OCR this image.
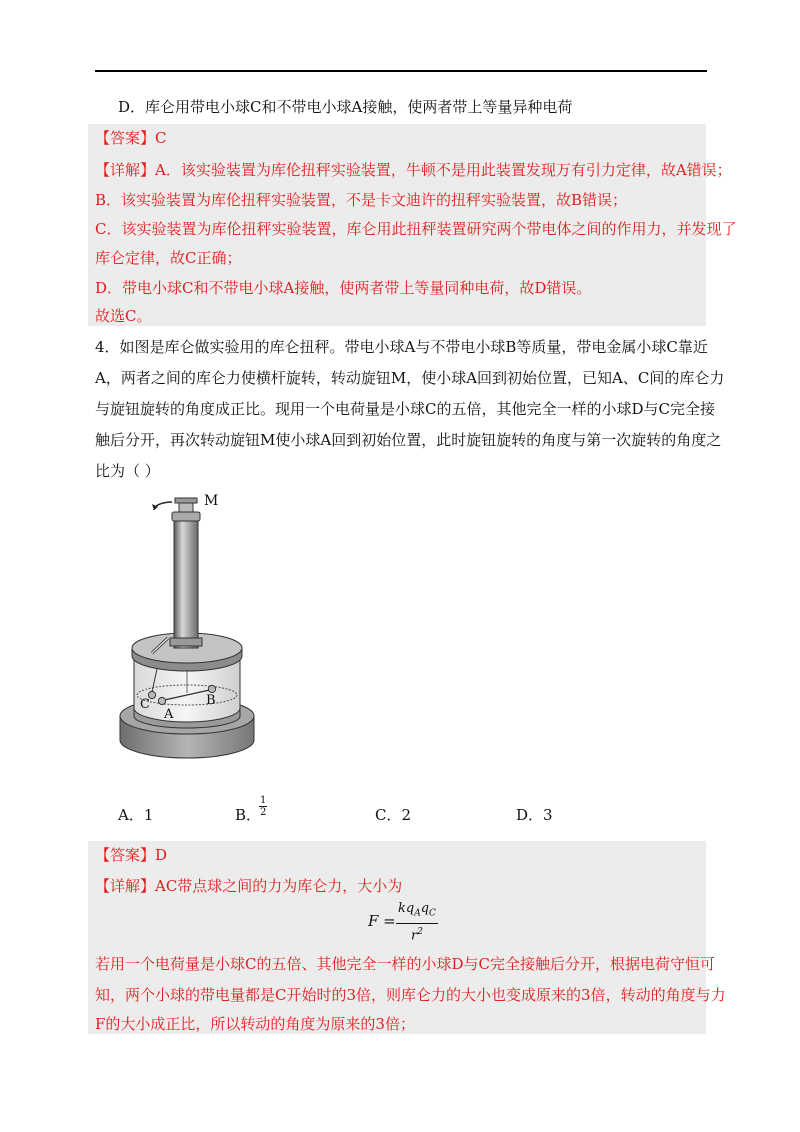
D．库仑用带电小球C和不带电小球A接触，使两者带上等量异种电荷
【答案】C
【详解】A．该实验装置为库伦扭秤实验装置，牛顿不是用此装置发现万有引力定律，故A错误；
B．该实验装置为库伦扭秤实验装置，不是卡文迪许的扭秤实验装置，故B错误；
C．该实验装置为库伦扭秤实验装置，库仑用此扭秤装置研究两个带电体之间的作用力，并发现了
库仑定律，故C正确；
D．带电小球C和不带电小球A接触，使两者带上等量同种电荷，故D错误。
故选C。
4．如图是库仑做实验用的库仑扭秤。带电小球A与不带电小球B等质量，带电金属小球C靠近
A，两者之间的库仑力使横杆旋转，转动旋钮M，使小球A回到初始位置，已知A、C间的库仑力
与旋钮旋转的角度成正比。现用一个电荷量是小球C的五倍，其他完全一样的小球D与C完全接
触后分开，再次转动旋钮M使小球A回到初始位置，此时旋钮旋转的角度与第一次旋转的角度之
比为（ ）
M
A
B
C
A．1	B．
$\frac{1}{2}$	C．2	D．3
【答案】D
【详解】AC带点球之间的力为库仑力，大小为
F =
$kq_Aq_C$
$r^2$
若用一个电荷量是小球C的五倍、其他完全一样的小球D与C完全接触后分开，根据电荷守恒可
知，两个小球的带电量都是C开始时的3倍，则库仑力的大小也变成原来的3倍，转动的角度与力
F的大小成正比，所以转动的角度为原来的3倍；
